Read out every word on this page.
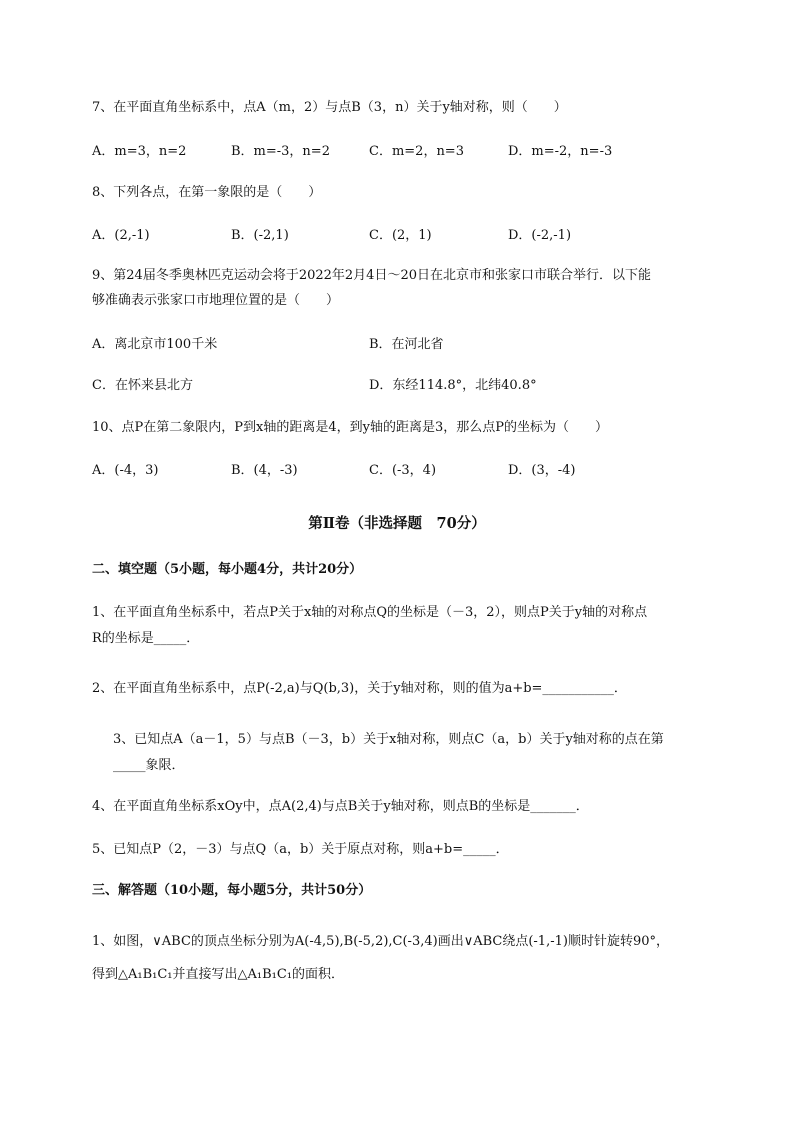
7、在平面直角坐标系中，点A（m，2）与点B（3，n）关于y轴对称，则（　　）
A．m=3，n=2	B．m=-3，n=2	C．m=2，n=3	D．m=-2，n=-3
8、下列各点，在第一象限的是（　　）
A．(2,-1)	B．(-2,1)	C．(2，1)	D．(-2,-1)
9、第24届冬季奥林匹克运动会将于2022年2月4日～20日在北京市和张家口市联合举行．以下能
够准确表示张家口市地理位置的是（　　）
A．离北京市100千米	B．在河北省
C．在怀来县北方	D．东经114.8°，北纬40.8°
10、点P在第二象限内，P到x轴的距离是4，到y轴的距离是3，那么点P的坐标为（　　）
A．(-4，3)	B．(4，-3)	C．(-3，4)	D．(3，-4)
第Ⅱ卷（非选择题　70分）
二、填空题（5小题，每小题4分，共计20分）
1、在平面直角坐标系中，若点P关于x轴的对称点Q的坐标是（－3，2），则点P关于y轴的对称点
R的坐标是_____．
2、在平面直角坐标系中，点P(-2,a)与Q(b,3)，关于y轴对称，则的值为a+b=___________．
3、已知点A（a－1，5）与点B（－3，b）关于x轴对称，则点C（a，b）关于y轴对称的点在第
_____象限．
4、在平面直角坐标系xOy中，点A(2,4)与点B关于y轴对称，则点B的坐标是_______．
5、已知点P（2，－3）与点Q（a，b）关于原点对称，则a+b=_____．
三、解答题（10小题，每小题5分，共计50分）
1、如图，∨ABC的顶点坐标分别为A(-4,5),B(-5,2),C(-3,4)画出∨ABC绕点(-1,-1)顺时针旋转90°，
得到△A₁B₁C₁并直接写出△A₁B₁C₁的面积．
